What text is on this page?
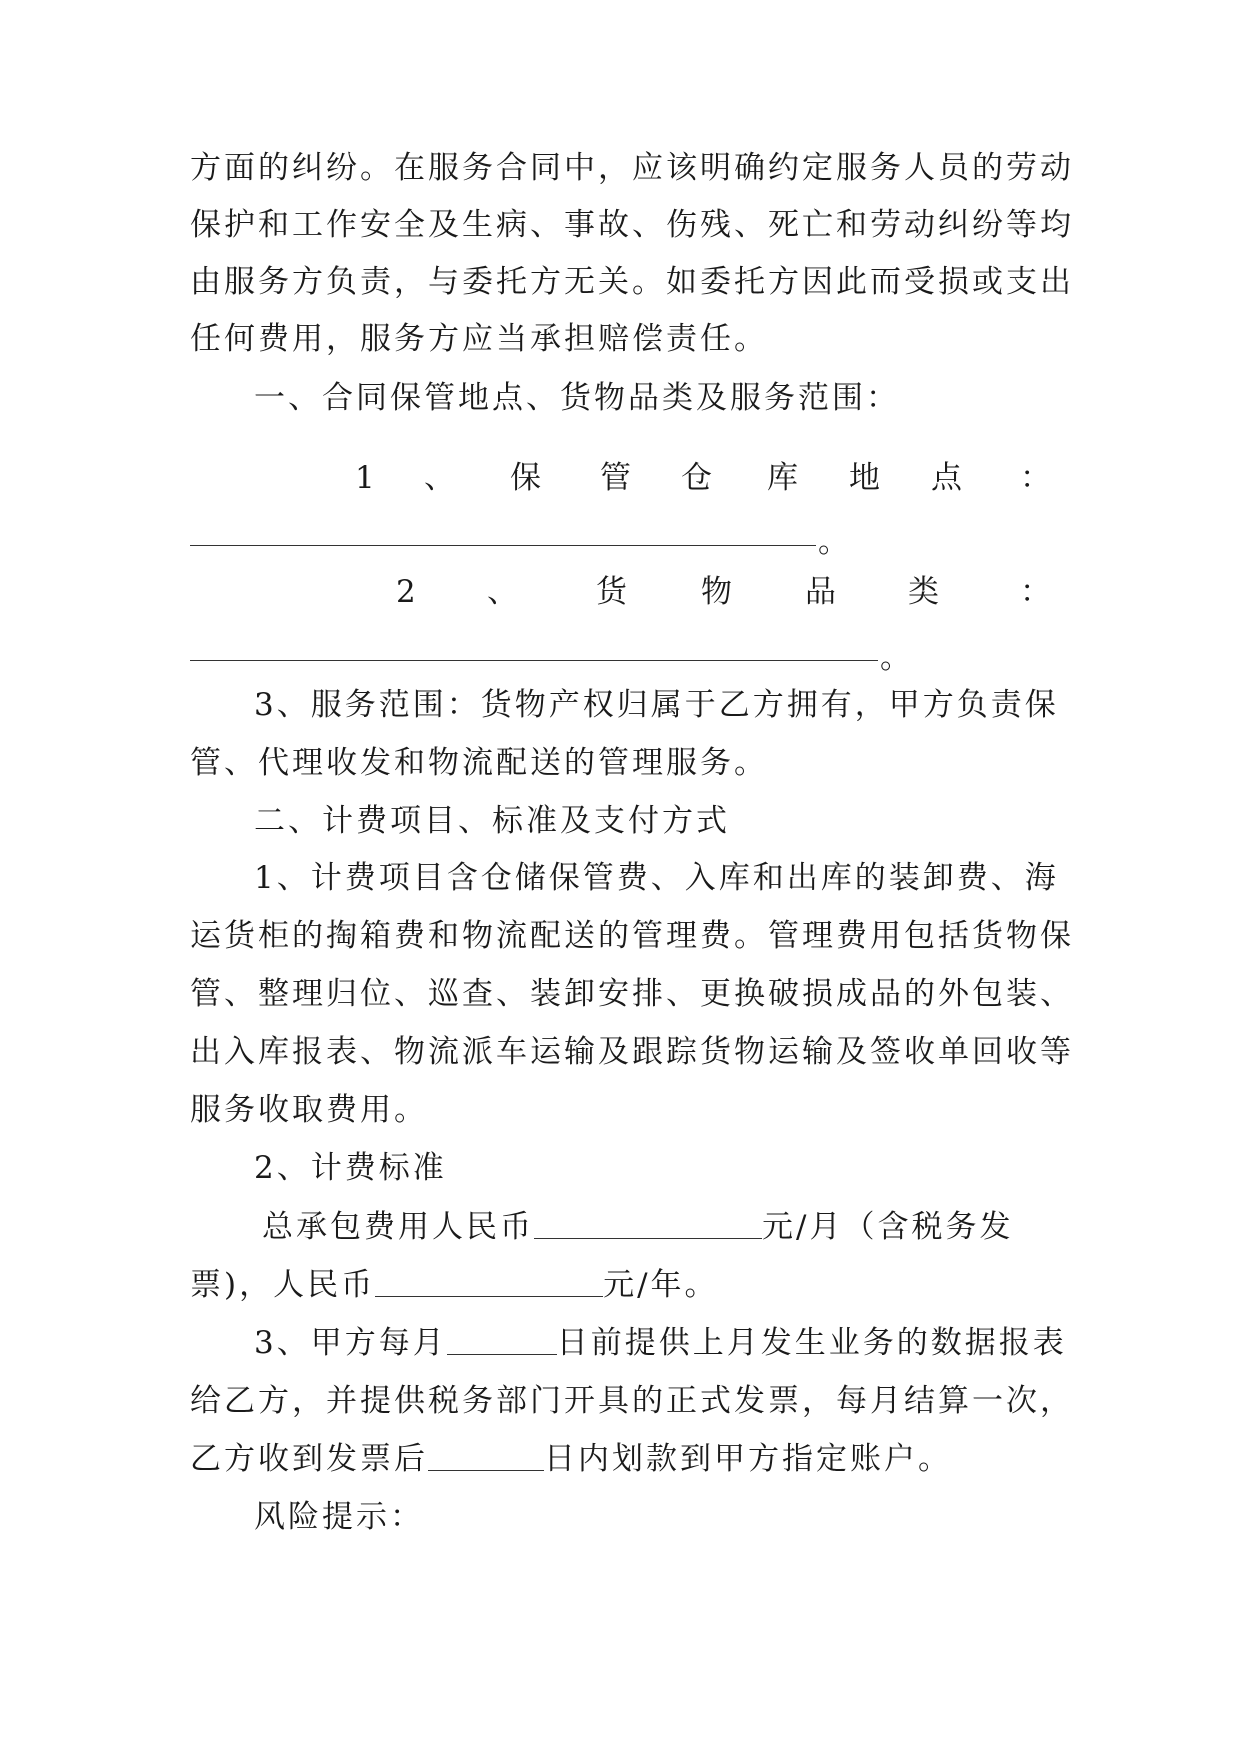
方面的纠纷。在服务合同中，应该明确约定服务人员的劳动
保护和工作安全及生病、事故、伤残、死亡和劳动纠纷等均
由服务方负责，与委托方无关。如委托方因此而受损或支出
任何费用，服务方应当承担赔偿责任。
一、合同保管地点、货物品类及服务范围：
1 、 保 管 仓 库 地 点 ：
。
2 、	货 物 品 类	：
。
3、服务范围：货物产权归属于乙方拥有，甲方负责保
管、代理收发和物流配送的管理服务。
二、计费项目、标准及支付方式
1、计费项目含仓储保管费、入库和出库的装卸费、海
运货柜的掏箱费和物流配送的管理费。管理费用包括货物保
管、整理归位、巡查、装卸安排、更换破损成品的外包装、
出入库报表、物流派车运输及跟踪货物运输及签收单回收等
服务收取费用。
2、计费标准
总承包费用人民币	元/月（含税务发
票)，人民币	元/年。
3、甲方每月	日前提供上月发生业务的数据报表
给乙方，并提供税务部门开具的正式发票，每月结算一次，
乙方收到发票后	日内划款到甲方指定账户。
风险提示：
